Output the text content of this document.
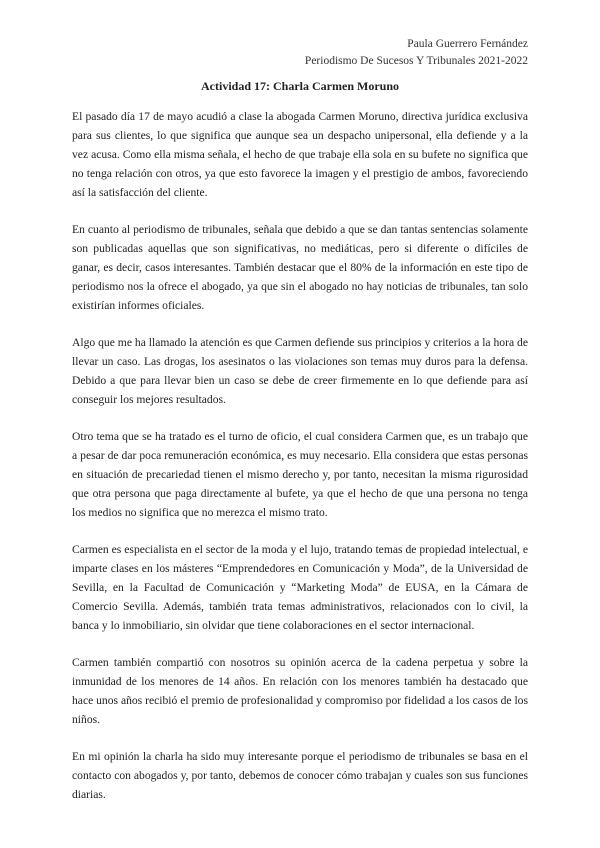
Paula Guerrero Fernández
Periodismo De Sucesos Y Tribunales 2021-2022
Actividad 17: Charla Carmen Moruno

El pasado día 17 de mayo acudió a clase la abogada Carmen Moruno, directiva jurídica exclusiva para sus clientes, lo que significa que aunque sea un despacho unipersonal, ella defiende y a la vez acusa. Como ella misma señala, el hecho de que trabaje ella sola en su bufete no significa que no tenga relación con otros, ya que esto favorece la imagen y el prestigio de ambos, favoreciendo así la satisfacción del cliente.

En cuanto al periodismo de tribunales, señala que debido a que se dan tantas sentencias solamente son publicadas aquellas que son significativas, no mediáticas, pero si diferente o difíciles de ganar, es decir, casos interesantes. También destacar que el 80% de la información en este tipo de periodismo nos la ofrece el abogado, ya que sin el abogado no hay noticias de tribunales, tan solo existirían informes oficiales.

Algo que me ha llamado la atención es que Carmen defiende sus principios y criterios a la hora de llevar un caso. Las drogas, los asesinatos o las violaciones son temas muy duros para la defensa. Debido a que para llevar bien un caso se debe de creer firmemente en lo que defiende para así conseguir los mejores resultados.

Otro tema que se ha tratado es el turno de oficio, el cual considera Carmen que, es un trabajo que a pesar de dar poca remuneración económica, es muy necesario. Ella considera que estas personas en situación de precariedad tienen el mismo derecho y, por tanto, necesitan la misma rigurosidad que otra persona que paga directamente al bufete, ya que el hecho de que una persona no tenga los medios no significa que no merezca el mismo trato.

Carmen es especialista en el sector de la moda y el lujo, tratando temas de propiedad intelectual, e imparte clases en los másteres “Emprendedores en Comunicación y Moda”, de la Universidad de Sevilla, en la Facultad de Comunicación y “Marketing Moda” de EUSA, en la Cámara de Comercio Sevilla. Además, también trata temas administrativos, relacionados con lo civil, la banca y lo inmobiliario, sin olvidar que tiene colaboraciones en el sector internacional.

Carmen también compartió con nosotros su opinión acerca de la cadena perpetua y sobre la inmunidad de los menores de 14 años. En relación con los menores también ha destacado que hace unos años recibió el premio de profesionalidad y compromiso por fidelidad a los casos de los niños.

En mi opinión la charla ha sido muy interesante porque el periodismo de tribunales se basa en el contacto con abogados y, por tanto, debemos de conocer cómo trabajan y cuales son sus funciones diarias.
